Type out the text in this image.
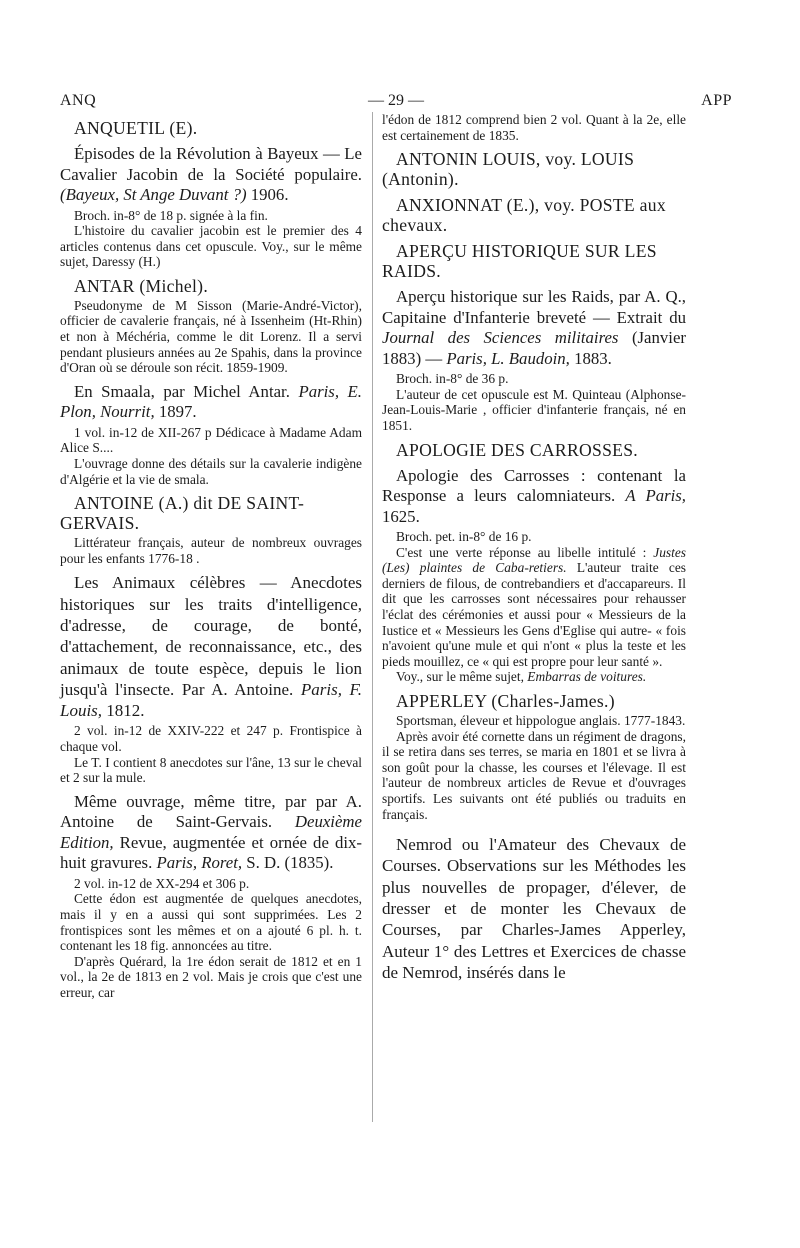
ANQ	— 29 —	APP

ANQUETIL (E).

Épisodes de la Révolution à Bayeux — Le Cavalier Jacobin de la Société populaire. (Bayeux, St Ange Duvant ?) 1906.

Broch. in-8° de 18 p. signée à la fin.

L'histoire du cavalier jacobin est le premier des 4 articles contenus dans cet opuscule. Voy., sur le même sujet, Daressy (H.)

ANTAR (Michel).

Pseudonyme de M Sisson (Marie-André-Victor), officier de cavalerie français, né à Issenheim (Ht-Rhin) et non à Méchéria, comme le dit Lorenz. Il a servi pendant plusieurs années au 2e Spahis, dans la province d'Oran où se déroule son récit. 1859-1909.

En Smaala, par Michel Antar. Paris, E. Plon, Nourrit, 1897.

1 vol. in-12 de XII-267 p Dédicace à Madame Adam Alice S....

L'ouvrage donne des détails sur la cavalerie indigène d'Algérie et la vie de smala.

ANTOINE (A.) dit DE SAINT-GERVAIS.

Littérateur français, auteur de nombreux ouvrages pour les enfants 1776-18 .

Les Animaux célèbres — Anecdotes historiques sur les traits d'intelligence, d'adresse, de courage, de bonté, d'attachement, de reconnaissance, etc., des animaux de toute espèce, depuis le lion jusqu'à l'insecte. Par A. Antoine. Paris, F. Louis, 1812.

2 vol. in-12 de XXIV-222 et 247 p. Frontispice à chaque vol.

Le T. I contient 8 anecdotes sur l'âne, 13 sur le cheval et 2 sur la mule.

Même ouvrage, même titre, par par A. Antoine de Saint-Gervais. Deuxième Edition, Revue, augmentée et ornée de dix-huit gravures. Paris, Roret, S. D. (1835).

2 vol. in-12 de XX-294 et 306 p.

Cette édon est augmentée de quelques anecdotes, mais il y en a aussi qui sont supprimées. Les 2 frontispices sont les mêmes et on a ajouté 6 pl. h. t. contenant les 18 fig. annoncées au titre.

D'après Quérard, la 1re édon serait de 1812 et en 1 vol., la 2e de 1813 en 2 vol. Mais je crois que c'est une erreur, car

l'édon de 1812 comprend bien 2 vol. Quant à la 2e, elle est certainement de 1835.

ANTONIN LOUIS, voy. LOUIS (Antonin).

ANXIONNAT (E.), voy. POSTE aux chevaux.

APERÇU HISTORIQUE SUR LES RAIDS.

Aperçu historique sur les Raids, par A. Q., Capitaine d'Infanterie breveté — Extrait du Journal des Sciences militaires (Janvier 1883) — Paris, L. Baudoin, 1883.

Broch. in-8° de 36 p.

L'auteur de cet opuscule est M. Quinteau (Alphonse-Jean-Louis-Marie , officier d'infanterie français, né en 1851.

APOLOGIE DES CARROSSES.

Apologie des Carrosses : contenant la Response a leurs calomniateurs. A Paris, 1625.

Broch. pet. in-8° de 16 p.

C'est une verte réponse au libelle intitulé : Justes (Les) plaintes de Caba-retiers. L'auteur traite ces derniers de filous, de contrebandiers et d'accapareurs. Il dit que les carrosses sont nécessaires pour rehausser l'éclat des cérémonies et aussi pour « Messieurs de la Iustice et « Messieurs les Gens d'Eglise qui autre- « fois n'avoient qu'une mule et qui n'ont « plus la teste et les pieds mouillez, ce « qui est propre pour leur santé ».

Voy., sur le même sujet, Embarras de voitures.

APPERLEY (Charles-James.)

Sportsman, éleveur et hippologue anglais. 1777-1843.

Après avoir été cornette dans un régiment de dragons, il se retira dans ses terres, se maria en 1801 et se livra à son goût pour la chasse, les courses et l'élevage. Il est l'auteur de nombreux articles de Revue et d'ouvrages sportifs. Les suivants ont été publiés ou traduits en français.

Nemrod ou l'Amateur des Chevaux de Courses. Observations sur les Méthodes les plus nouvelles de propager, d'élever, de dresser et de monter les Chevaux de Courses, par Charles-James Apperley, Auteur 1° des Lettres et Exercices de chasse de Nemrod, insérés dans le
